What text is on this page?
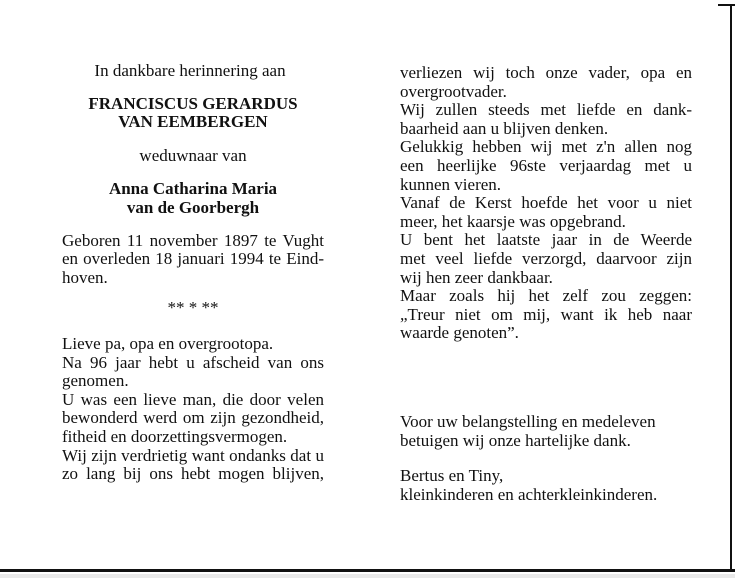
In dankbare herinnering aan
FRANCISCUS GERARDUS
VAN EEMBERGEN
weduwnaar van
Anna Catharina Maria
van de Goorbergh

Geboren 11 november 1897 te Vught

en overleden 18 januari 1994 te Eind-

hoven.

** * **

Lieve pa, opa en overgrootopa.

Na 96 jaar hebt u afscheid van ons

genomen.

U was een lieve man, die door velen

bewonderd werd om zijn gezondheid,

fitheid en doorzettingsvermogen.

Wij zijn verdrietig want ondanks dat u

zo lang bij ons hebt mogen blijven,

verliezen wij toch onze vader, opa en

overgrootvader.

Wij zullen steeds met liefde en dank-

baarheid aan u blijven denken.

Gelukkig hebben wij met z'n allen nog

een heerlijke 96ste verjaardag met u

kunnen vieren.

Vanaf de Kerst hoefde het voor u niet

meer, het kaarsje was opgebrand.

U bent het laatste jaar in de Weerde

met veel liefde verzorgd, daarvoor zijn

wij hen zeer dankbaar.

Maar zoals hij het zelf zou zeggen:

„Treur niet om mij, want ik heb naar

waarde genoten”.

Voor uw belangstelling en medeleven

betuigen wij onze hartelijke dank.

Bertus en Tiny,

kleinkinderen en achterkleinkinderen.
